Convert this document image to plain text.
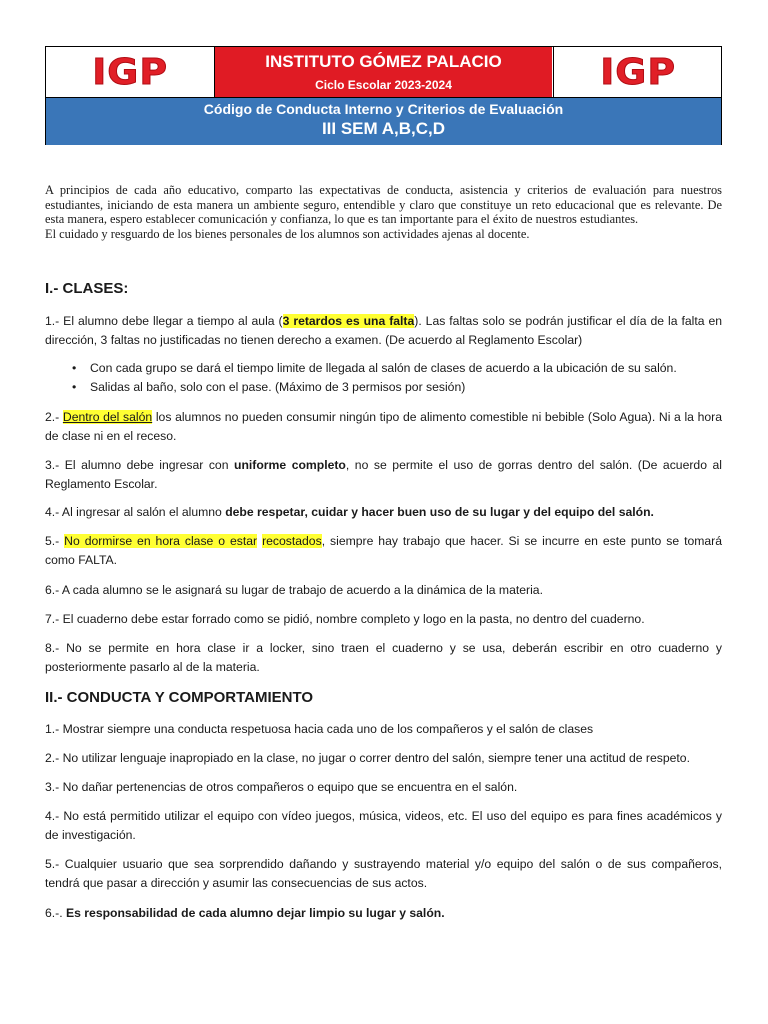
IGP	INSTITUTO GÓMEZ PALACIO
Ciclo Escolar 2023-2024	IGP
Código de Conducta Interno y Criterios de Evaluación
III SEM A,B,C,D

A principios de cada año educativo, comparto las expectativas de conducta, asistencia y criterios de evaluación para nuestros estudiantes, iniciando de esta manera un ambiente seguro, entendible y claro que constituye un reto educacional que es relevante. De esta manera, espero establecer comunicación y confianza, lo que es tan importante para el éxito de nuestros estudiantes.

El cuidado y resguardo de los bienes personales de los alumnos son actividades ajenas al docente.

I.- CLASES:

1.- El alumno debe llegar a tiempo al aula (3 retardos es una falta). Las faltas solo se podrán justificar el día de la falta en dirección, 3 faltas no justificadas no tienen derecho a examen. (De acuerdo al Reglamento Escolar)

• Con cada grupo se dará el tiempo limite de llegada al salón de clases de acuerdo a la ubicación de su salón.
• Salidas al baño, solo con el pase. (Máximo de 3 permisos por sesión)

2.- Dentro del salón los alumnos no pueden consumir ningún tipo de alimento comestible ni bebible (Solo Agua). Ni a la hora de clase ni en el receso.

3.- El alumno debe ingresar con uniforme completo, no se permite el uso de gorras dentro del salón. (De acuerdo al Reglamento Escolar.

4.- Al ingresar al salón el alumno debe respetar, cuidar y hacer buen uso de su lugar y del equipo del salón.

5.- No dormirse en hora clase o estar recostados, siempre hay trabajo que hacer. Si se incurre en este punto se tomará como FALTA.

6.- A cada alumno se le asignará su lugar de trabajo de acuerdo a la dinámica de la materia.

7.- El cuaderno debe estar forrado como se pidió, nombre completo y logo en la pasta, no dentro del cuaderno.

8.- No se permite en hora clase ir a locker, sino traen el cuaderno y se usa, deberán escribir en otro cuaderno y posteriormente pasarlo al de la materia.

II.- CONDUCTA Y COMPORTAMIENTO

1.- Mostrar siempre una conducta respetuosa hacia cada uno de los compañeros y el salón de clases

2.- No utilizar lenguaje inapropiado en la clase, no jugar o correr dentro del salón, siempre tener una actitud de respeto.

3.- No dañar pertenencias de otros compañeros o equipo que se encuentra en el salón.

4.- No está permitido utilizar el equipo con vídeo juegos, música, videos, etc. El uso del equipo es para fines académicos y de investigación.

5.- Cualquier usuario que sea sorprendido dañando y sustrayendo material y/o equipo del salón o de sus compañeros, tendrá que pasar a dirección y asumir las consecuencias de sus actos.

6.-. Es responsabilidad de cada alumno dejar limpio su lugar y salón.
